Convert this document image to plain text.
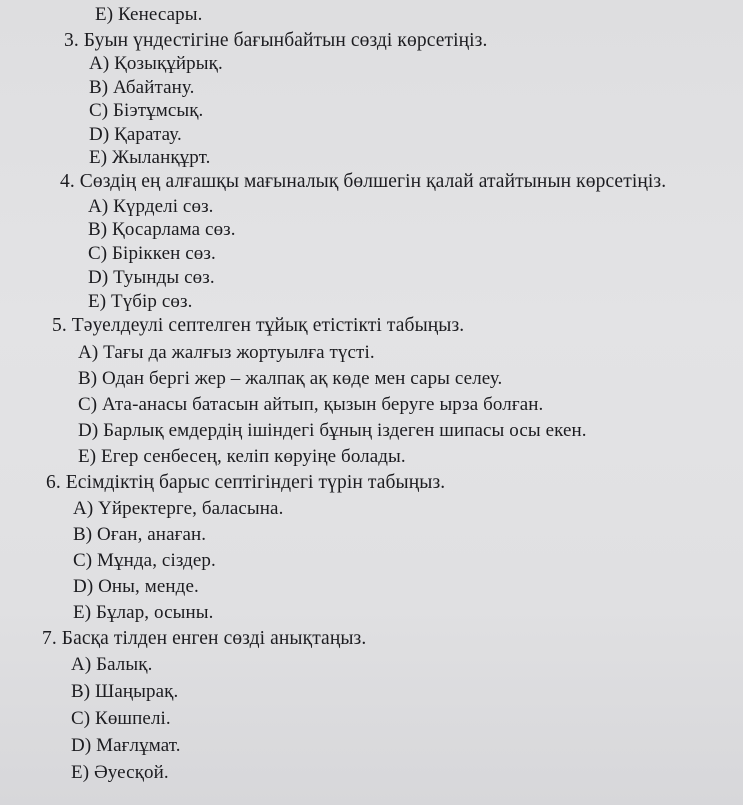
E) Кенесары.
3. Буын үндестігіне бағынбайтын сөзді көрсетіңіз.
A) Қозықұйрық.
B) Абайтану.
C) Біэтұмсық.
D) Қаратау.
E) Жыланқұрт.
4. Сөздің ең алғашқы мағыналық бөлшегін қалай атайтынын көрсетіңіз.
A) Күрделі сөз.
B) Қосарлама сөз.
C) Біріккен сөз.
D) Туынды сөз.
E) Түбір сөз.
5. Тәуелдеулі септелген тұйық етістікті табыңыз.
A) Тағы да жалғыз жортуылға түсті.
B) Одан бергі жер – жалпақ ақ көде мен сары селеу.
C) Ата-анасы батасын айтып, қызын беруге ырза болған.
D) Барлық емдердің ішіндегі бұның іздеген шипасы осы екен.
E) Егер сенбесең, келіп көруіңе болады.
6. Есімдіктің барыс септігіндегі түрін табыңыз.
A) Үйректерге, баласына.
B) Оған, анаған.
C) Мұнда, сіздер.
D) Оны, менде.
E) Бұлар, осыны.
7. Басқа тілден енген сөзді анықтаңыз.
A) Балық.
B) Шаңырақ.
C) Көшпелі.
D) Мағлұмат.
E) Әуесқой.
